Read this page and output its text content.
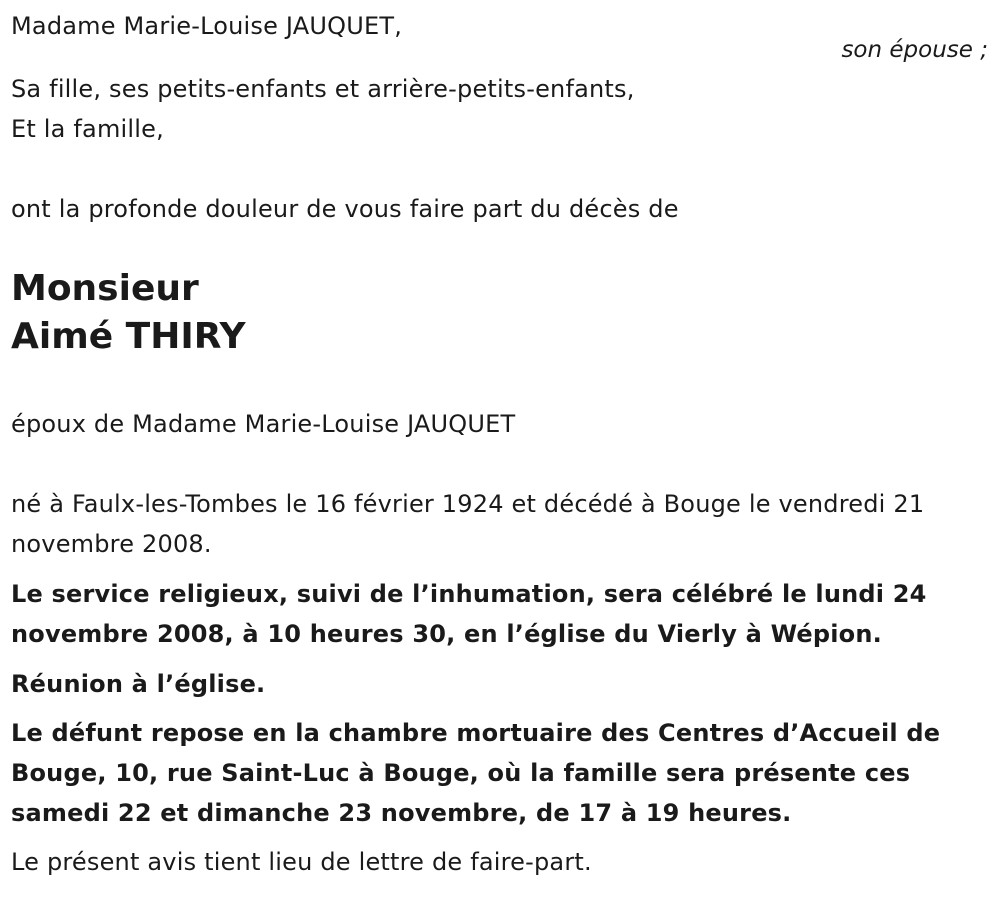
Madame Marie-Louise JAUQUET,
son épouse ;
Sa fille, ses petits-enfants et arrière-petits-enfants,
Et la famille,
ont la profonde douleur de vous faire part du décès de
Monsieur
Aimé THIRY
époux de Madame Marie-Louise JAUQUET
né à Faulx-les-Tombes le 16 février 1924 et décédé à Bouge le vendredi 21 novembre 2008.
Le service religieux, suivi de l’inhumation, sera célébré le lundi 24 novembre 2008, à 10 heures 30, en l’église du Vierly à Wépion.
Réunion à l’église.
Le défunt repose en la chambre mortuaire des Centres d’Accueil de Bouge, 10, rue Saint-Luc à Bouge, où la famille sera présente ces samedi 22 et dimanche 23 novembre, de 17 à 19 heures.
Le présent avis tient lieu de lettre de faire-part.
